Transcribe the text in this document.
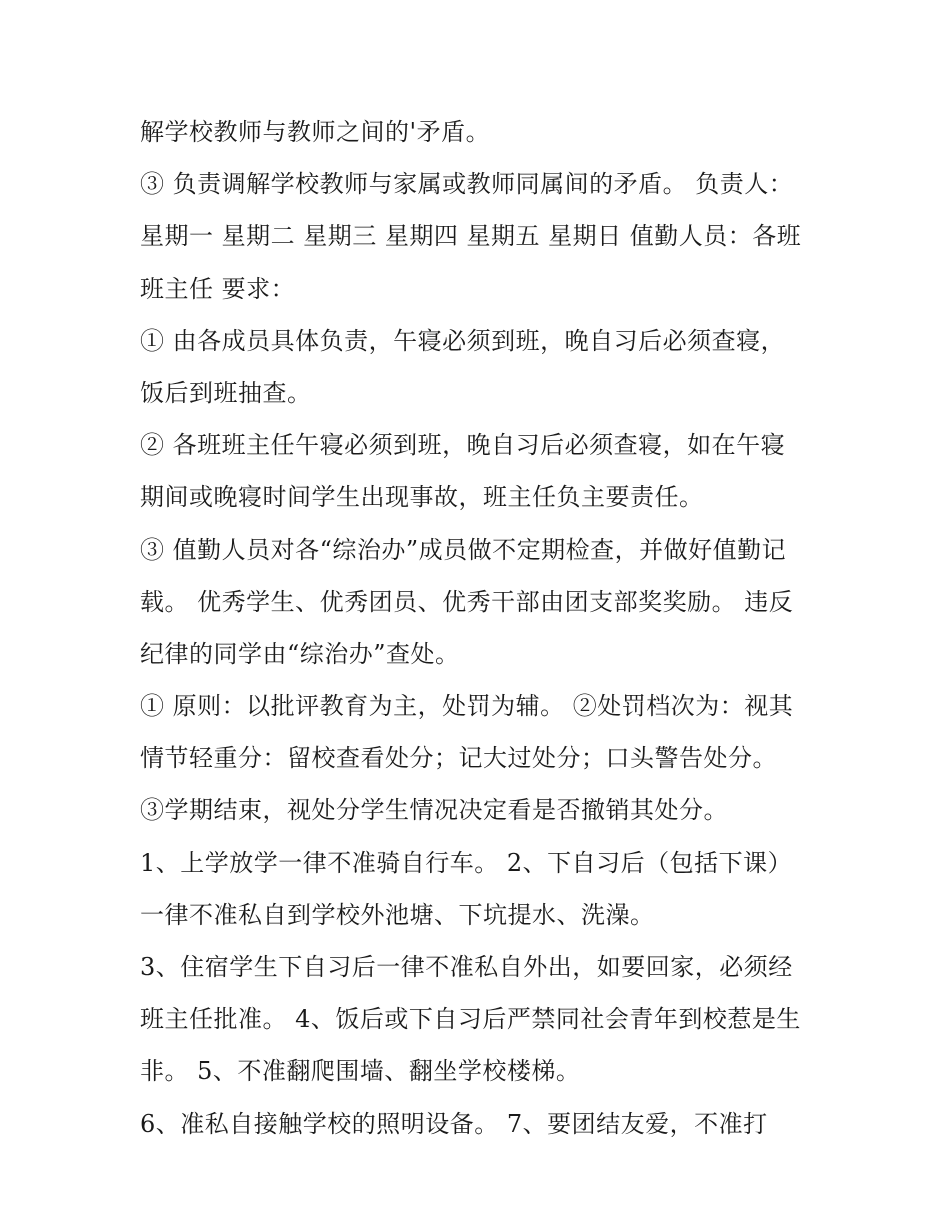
解学校教师与教师之间的'矛盾。
③ 负责调解学校教师与家属或教师同属间的矛盾。 负责人：
星期一 星期二 星期三 星期四 星期五 星期日 值勤人员：各班
班主任 要求：
① 由各成员具体负责，午寝必须到班，晚自习后必须查寝，
饭后到班抽查。
② 各班班主任午寝必须到班，晚自习后必须查寝，如在午寝
期间或晚寝时间学生出现事故，班主任负主要责任。
③ 值勤人员对各“综治办”成员做不定期检查，并做好值勤记
载。 优秀学生、优秀团员、优秀干部由团支部奖奖励。 违反
纪律的同学由“综治办”查处。
① 原则：以批评教育为主，处罚为辅。 ②处罚档次为：视其
情节轻重分：留校查看处分；记大过处分；口头警告处分。
③学期结束，视处分学生情况决定看是否撤销其处分。
1、上学放学一律不准骑自行车。 2、下自习后（包括下课）
一律不准私自到学校外池塘、下坑提水、洗澡。
3、住宿学生下自习后一律不准私自外出，如要回家，必须经
班主任批准。 4、饭后或下自习后严禁同社会青年到校惹是生
非。 5、不准翻爬围墙、翻坐学校楼梯。
6、准私自接触学校的照明设备。 7、要团结友爱，不准打
